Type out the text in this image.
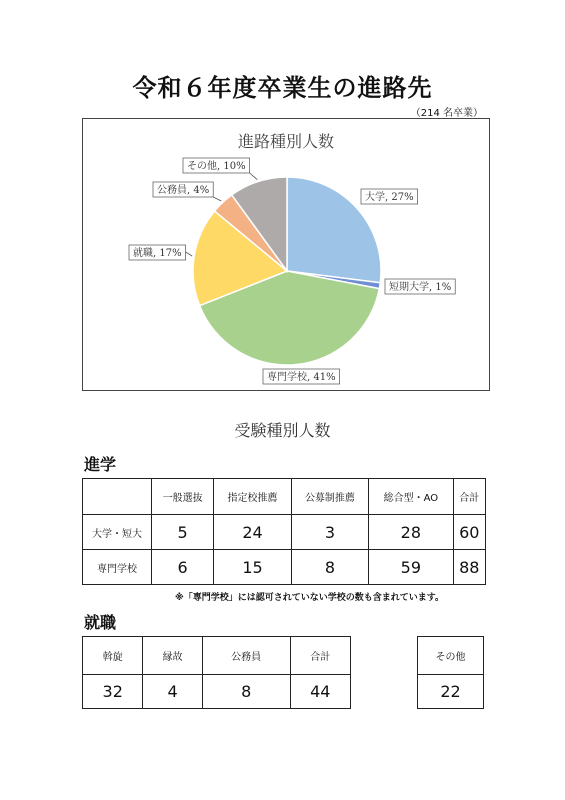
令和６年度卒業生の進路先
（214 名卒業）
進路種別人数
大学, 27%
短期大学, 1%
専門学校, 41%
就職, 17%
公務員, 4%
その他, 10%
受験種別人数
進学
	一般選抜	指定校推薦	公募制推薦	総合型・AO	合計
大学・短大	5	24	3	28	60
専門学校	6	15	8	59	88
※「専門学校」には認可されていない学校の数も含まれています。
就職
斡旋	縁故	公務員	合計
32	4	8	44
その他
22
